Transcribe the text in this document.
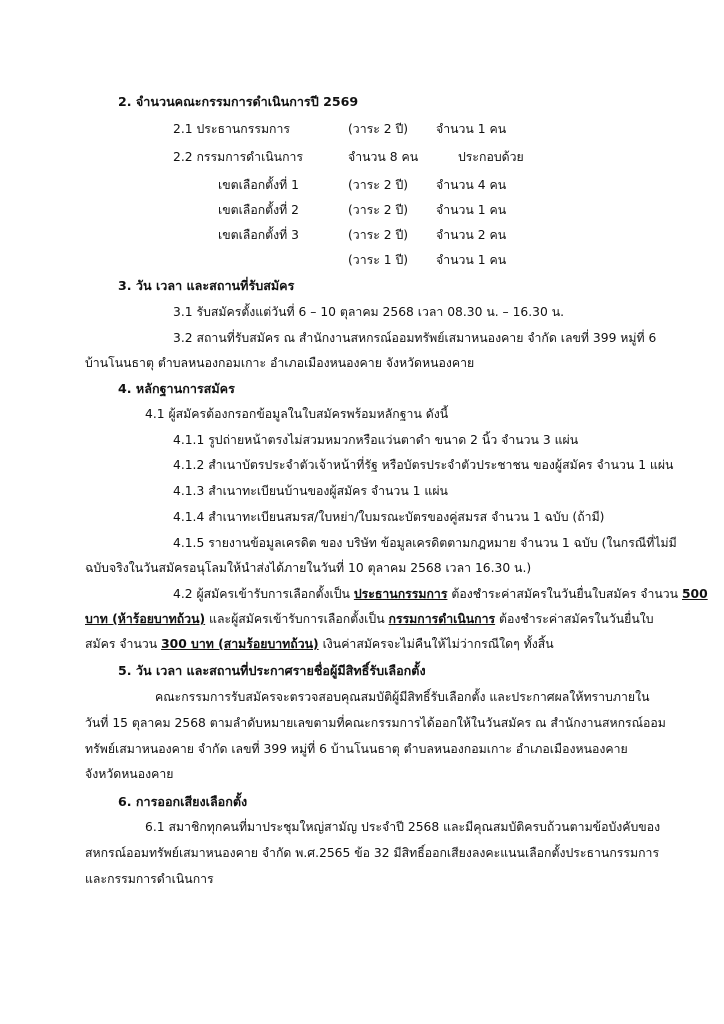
2. จำนวนคณะกรรมการดำเนินการปี 2569
2.1 ประธานกรรมการ	(วาระ 2 ปี) จำนวน 1 คน
2.2 กรรมการดำเนินการ	จำนวน 8 คน	ประกอบด้วย
เขตเลือกตั้งที่ 1	(วาระ 2 ปี) จำนวน 4 คน
เขตเลือกตั้งที่ 2	(วาระ 2 ปี) จำนวน 1 คน
เขตเลือกตั้งที่ 3	(วาระ 2 ปี) จำนวน 2 คน
(วาระ 1 ปี) จำนวน 1 คน
3. วัน เวลา และสถานที่รับสมัคร
3.1 รับสมัครตั้งแต่วันที่ 6 – 10 ตุลาคม 2568 เวลา 08.30 น. – 16.30 น.
3.2 สถานที่รับสมัคร ณ สำนักงานสหกรณ์ออมทรัพย์เสมาหนองคาย จำกัด เลขที่ 399 หมู่ที่ 6
บ้านโนนธาตุ ตำบลหนองกอมเกาะ อำเภอเมืองหนองคาย จังหวัดหนองคาย
4. หลักฐานการสมัคร
4.1 ผู้สมัครต้องกรอกข้อมูลในใบสมัครพร้อมหลักฐาน ดังนี้
4.1.1 รูปถ่ายหน้าตรงไม่สวมหมวกหรือแว่นตาดำ ขนาด 2 นิ้ว จำนวน 3 แผ่น
4.1.2 สำเนาบัตรประจำตัวเจ้าหน้าที่รัฐ หรือบัตรประจำตัวประชาชน ของผู้สมัคร จำนวน 1 แผ่น
4.1.3 สำเนาทะเบียนบ้านของผู้สมัคร จำนวน 1 แผ่น
4.1.4 สำเนาทะเบียนสมรส/ใบหย่า/ใบมรณะบัตรของคู่สมรส จำนวน 1 ฉบับ (ถ้ามี)
4.1.5 รายงานข้อมูลเครดิต ของ บริษัท ข้อมูลเครดิตตามกฎหมาย จำนวน 1 ฉบับ (ในกรณีที่ไม่มี
ฉบับจริงในวันสมัครอนุโลมให้นำส่งได้ภายในวันที่ 10 ตุลาคม 2568 เวลา 16.30 น.)
4.2 ผู้สมัครเข้ารับการเลือกตั้งเป็น ประธานกรรมการ ต้องชำระค่าสมัครในวันยื่นใบสมัคร จำนวน 500
บาท (ห้าร้อยบาทถ้วน) และผู้สมัครเข้ารับการเลือกตั้งเป็น กรรมการดำเนินการ ต้องชำระค่าสมัครในวันยื่นใบ
สมัคร จำนวน 300 บาท (สามร้อยบาทถ้วน) เงินค่าสมัครจะไม่คืนให้ไม่ว่ากรณีใดๆ ทั้งสิ้น
5. วัน เวลา และสถานที่ประกาศรายชื่อผู้มีสิทธิ์รับเลือกตั้ง
คณะกรรมการรับสมัครจะตรวจสอบคุณสมบัติผู้มีสิทธิ์รับเลือกตั้ง และประกาศผลให้ทราบภายใน
วันที่ 15 ตุลาคม 2568 ตามลำดับหมายเลขตามที่คณะกรรมการได้ออกให้ในวันสมัคร ณ สำนักงานสหกรณ์ออม
ทรัพย์เสมาหนองคาย จำกัด เลขที่ 399 หมู่ที่ 6 บ้านโนนธาตุ ตำบลหนองกอมเกาะ อำเภอเมืองหนองคาย
จังหวัดหนองคาย
6. การออกเสียงเลือกตั้ง
6.1 สมาชิกทุกคนที่มาประชุมใหญ่สามัญ ประจำปี 2568 และมีคุณสมบัติครบถ้วนตามข้อบังคับของ
สหกรณ์ออมทรัพย์เสมาหนองคาย จำกัด พ.ศ.2565 ข้อ 32 มีสิทธิ์ออกเสียงลงคะแนนเลือกตั้งประธานกรรมการ
และกรรมการดำเนินการ
